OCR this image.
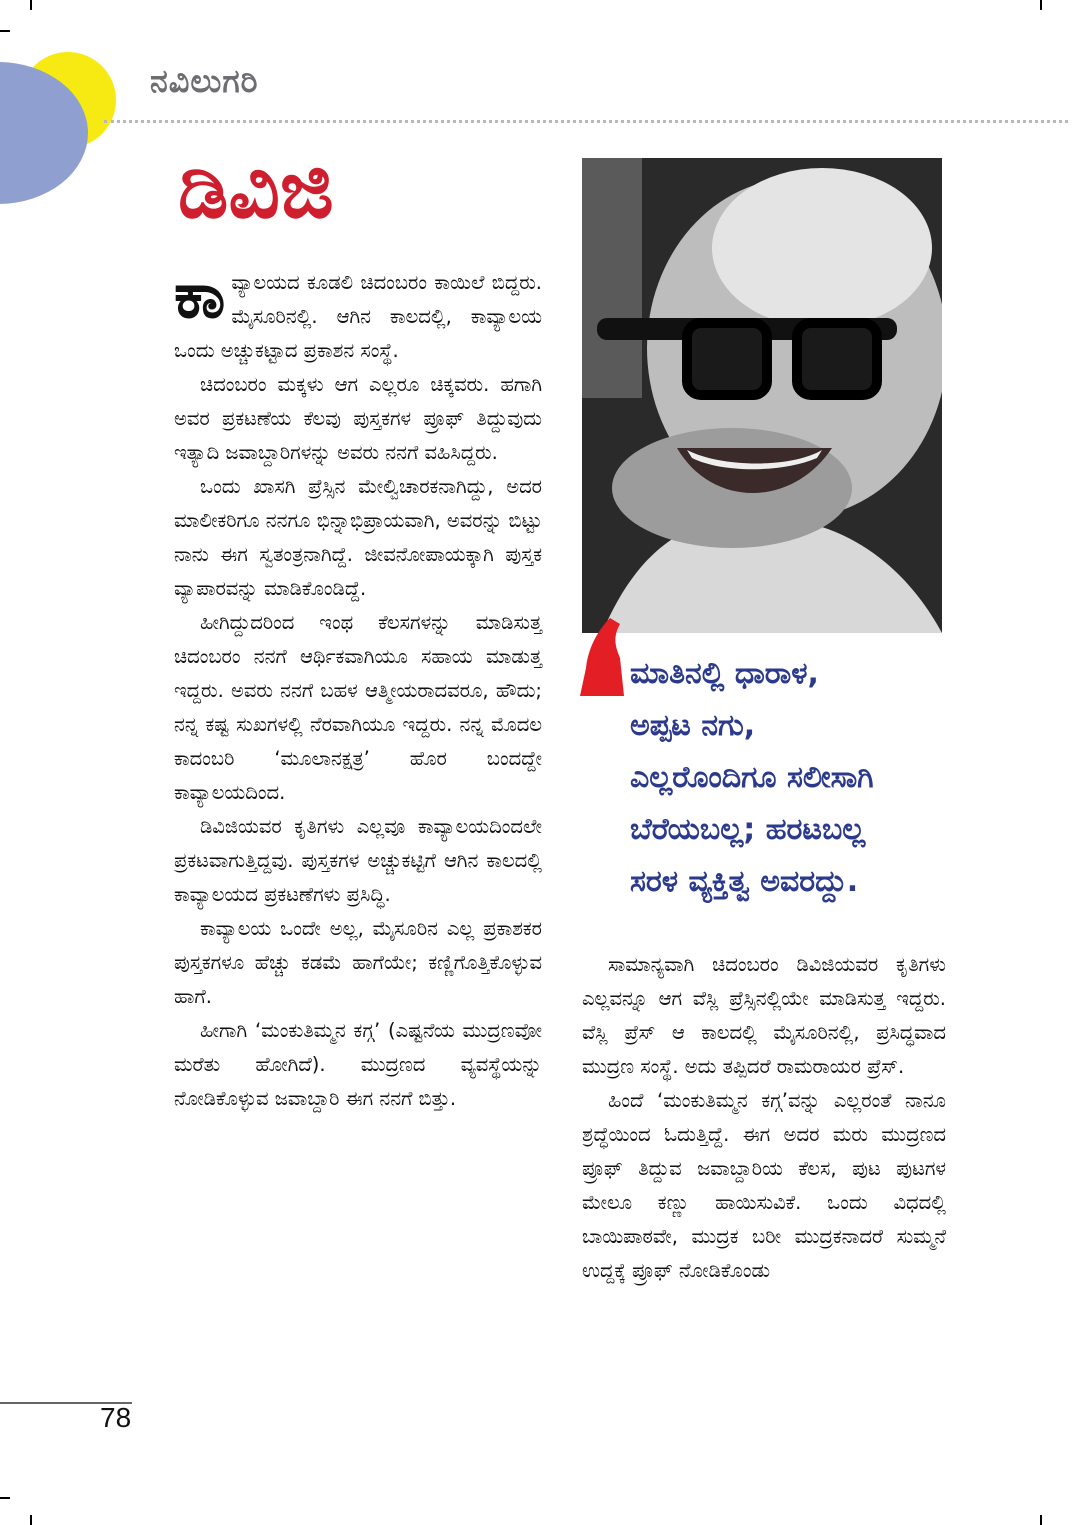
ನವಿಲುಗರಿ
ಡಿವಿಜಿ

ಕಾವ್ಯಾಲಯದ ಕೂಡಲಿ ಚಿದಂಬರಂ ಕಾಯಿಲೆ ಬಿದ್ದರು. ಮೈಸೂರಿನಲ್ಲಿ. ಆಗಿನ ಕಾಲದಲ್ಲಿ, ಕಾವ್ಯಾಲಯ ಒಂದು ಅಚ್ಚುಕಟ್ಟಾದ ಪ್ರಕಾಶನ ಸಂಸ್ಥೆ.

ಚಿದಂಬರಂ ಮಕ್ಕಳು ಆಗ ಎಲ್ಲರೂ ಚಿಕ್ಕವರು. ಹಗಾಗಿ ಅವರ ಪ್ರಕಟಣೆಯ ಕೆಲವು ಪುಸ್ತಕಗಳ ಪ್ರೂಫ್ ತಿದ್ದುವುದು ಇತ್ಯಾದಿ ಜವಾಬ್ದಾರಿಗಳನ್ನು ಅವರು ನನಗೆ ವಹಿಸಿದ್ದರು.

ಒಂದು ಖಾಸಗಿ ಪ್ರೆಸ್ಸಿನ ಮೇಲ್ವಿಚಾರಕನಾಗಿದ್ದು, ಅದರ ಮಾಲೀಕರಿಗೂ ನನಗೂ ಭಿನ್ನಾಭಿಪ್ರಾಯವಾಗಿ, ಅವರನ್ನು ಬಿಟ್ಟು ನಾನು ಈಗ ಸ್ವತಂತ್ರನಾಗಿದ್ದೆ. ಜೀವನೋಪಾಯಕ್ಕಾಗಿ ಪುಸ್ತಕ ವ್ಯಾಪಾರವನ್ನು ಮಾಡಿಕೊಂಡಿದ್ದೆ.

ಹೀಗಿದ್ದುದರಿಂದ ಇಂಥ ಕೆಲಸಗಳನ್ನು ಮಾಡಿಸುತ್ತ ಚಿದಂಬರಂ ನನಗೆ ಆರ್ಥಿಕವಾಗಿಯೂ ಸಹಾಯ ಮಾಡುತ್ತ ಇದ್ದರು. ಅವರು ನನಗೆ ಬಹಳ ಆತ್ಮೀಯರಾದವರೂ, ಹೌದು; ನನ್ನ ಕಷ್ಟ ಸುಖಗಳಲ್ಲಿ ನೆರವಾಗಿಯೂ ಇದ್ದರು. ನನ್ನ ಮೊದಲ ಕಾದಂಬರಿ ‘ಮೂಲಾನಕ್ಷತ್ರ’ ಹೊರ ಬಂದದ್ದೇ ಕಾವ್ಯಾಲಯದಿಂದ.

ಡಿವಿಜಿಯವರ ಕೃತಿಗಳು ಎಲ್ಲವೂ ಕಾವ್ಯಾಲಯದಿಂದಲೇ ಪ್ರಕಟವಾಗುತ್ತಿದ್ದವು. ಪುಸ್ತಕಗಳ ಅಚ್ಚುಕಟ್ಟಿಗೆ ಆಗಿನ ಕಾಲದಲ್ಲಿ ಕಾವ್ಯಾಲಯದ ಪ್ರಕಟಣೆಗಳು ಪ್ರಸಿದ್ಧಿ.

ಕಾವ್ಯಾಲಯ ಒಂದೇ ಅಲ್ಲ, ಮೈಸೂರಿನ ಎಲ್ಲ ಪ್ರಕಾಶಕರ ಪುಸ್ತಕಗಳೂ ಹೆಚ್ಚು ಕಡಮೆ ಹಾಗೆಯೇ; ಕಣ್ಣಿಗೊತ್ತಿಕೊಳ್ಳುವ ಹಾಗೆ.

ಹೀಗಾಗಿ ‘ಮಂಕುತಿಮ್ಮನ ಕಗ್ಗ’ (ಎಷ್ಟನೆಯ ಮುದ್ರಣವೋ ಮರೆತು ಹೋಗಿದೆ). ಮುದ್ರಣದ ವ್ಯವಸ್ಥೆಯನ್ನು ನೋಡಿಕೊಳ್ಳುವ ಜವಾಬ್ದಾರಿ ಈಗ ನನಗೆ ಬಿತ್ತು.

ಮಾತಿನಲ್ಲಿ ಧಾರಾಳ,
ಅಪ್ಪಟ ನಗು,
ಎಲ್ಲರೊಂದಿಗೂ ಸಲೀಸಾಗಿ
ಬೆರೆಯಬಲ್ಲ; ಹರಟಬಲ್ಲ
ಸರಳ ವ್ಯಕ್ತಿತ್ವ ಅವರದ್ದು.

ಸಾಮಾನ್ಯವಾಗಿ ಚಿದಂಬರಂ ಡಿವಿಜಿಯವರ ಕೃತಿಗಳು ಎಲ್ಲವನ್ನೂ ಆಗ ವೆಸ್ಲಿ ಪ್ರೆಸ್ಸಿನಲ್ಲಿಯೇ ಮಾಡಿಸುತ್ತ ಇದ್ದರು. ವೆಸ್ಲಿ ಪ್ರೆಸ್ ಆ ಕಾಲದಲ್ಲಿ ಮೈಸೂರಿನಲ್ಲಿ, ಪ್ರಸಿದ್ಧವಾದ ಮುದ್ರಣ ಸಂಸ್ಥೆ. ಅದು ತಪ್ಪಿದರೆ ರಾಮರಾಯರ ಪ್ರೆಸ್.

ಹಿಂದೆ ‘ಮಂಕುತಿಮ್ಮನ ಕಗ್ಗ’ವನ್ನು ಎಲ್ಲರಂತೆ ನಾನೂ ಶ್ರದ್ಧೆಯಿಂದ ಓದುತ್ತಿದ್ದೆ. ಈಗ ಅದರ ಮರು ಮುದ್ರಣದ ಪ್ರೂಫ್ ತಿದ್ದುವ ಜವಾಬ್ದಾರಿಯ ಕೆಲಸ, ಪುಟ ಪುಟಗಳ ಮೇಲೂ ಕಣ್ಣು ಹಾಯಿಸುವಿಕೆ. ಒಂದು ವಿಧದಲ್ಲಿ ಬಾಯಿಪಾಠವೇ, ಮುದ್ರಕ ಬರೀ ಮುದ್ರಕನಾದರೆ ಸುಮ್ಮನೆ ಉದ್ದಕ್ಕೆ ಪ್ರೂಫ್ ನೋಡಿಕೊಂಡು

78
